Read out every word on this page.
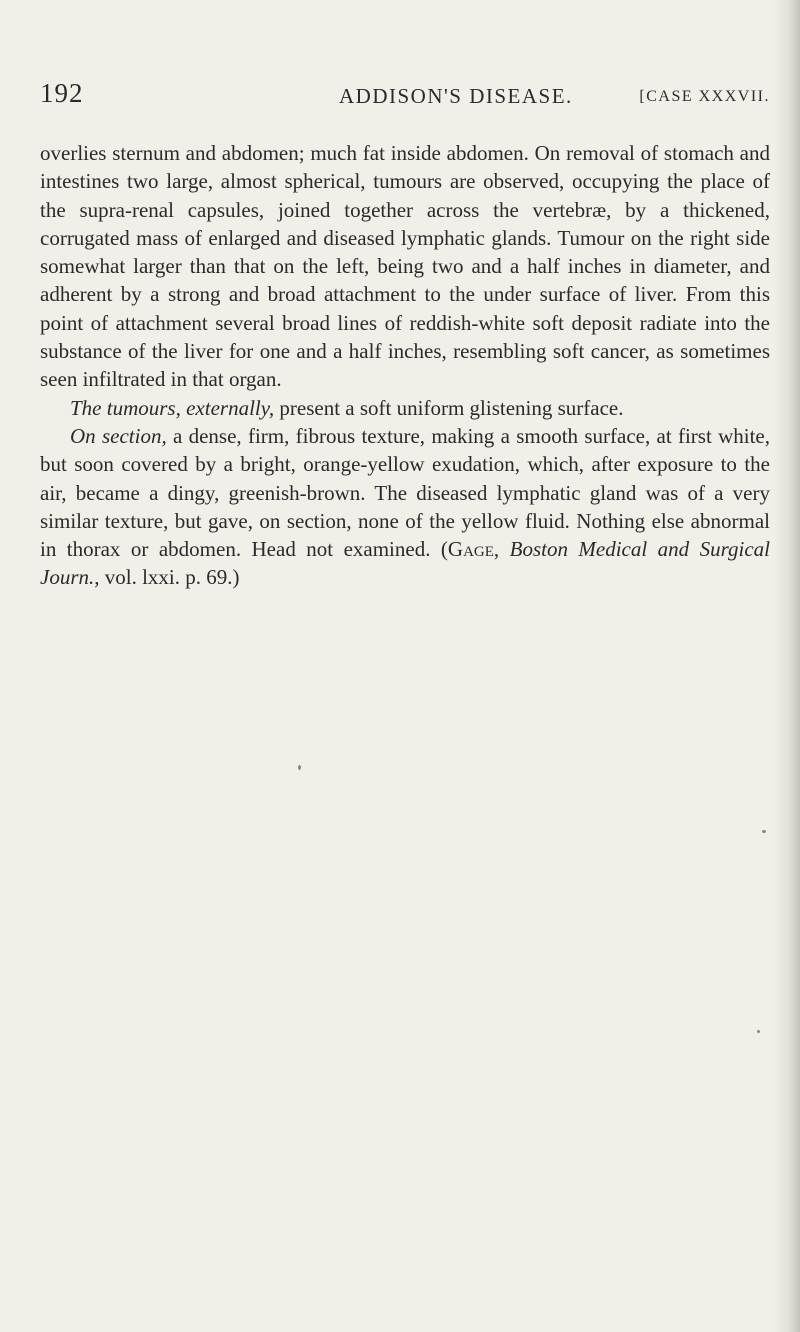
192	ADDISON'S DISEASE.	[CASE XXXVII.

overlies sternum and abdomen; much fat inside abdomen. On removal of stomach and intestines two large, almost spherical, tumours are observed, occupying the place of the supra-renal capsules, joined together across the vertebræ, by a thickened, corrugated mass of enlarged and diseased lymphatic glands. Tumour on the right side somewhat larger than that on the left, being two and a half inches in diameter, and adherent by a strong and broad attachment to the under surface of liver. From this point of attachment several broad lines of reddish-white soft deposit radiate into the substance of the liver for one and a half inches, resembling soft cancer, as sometimes seen infiltrated in that organ.

The tumours, externally, present a soft uniform glistening surface.

On section, a dense, firm, fibrous texture, making a smooth surface, at first white, but soon covered by a bright, orange-yellow exudation, which, after exposure to the air, became a dingy, greenish-brown. The diseased lymphatic gland was of a very similar texture, but gave, on section, none of the yellow fluid. Nothing else abnormal in thorax or abdomen. Head not examined. (Gage, Boston Medical and Surgical Journ., vol. lxxi. p. 69.)
